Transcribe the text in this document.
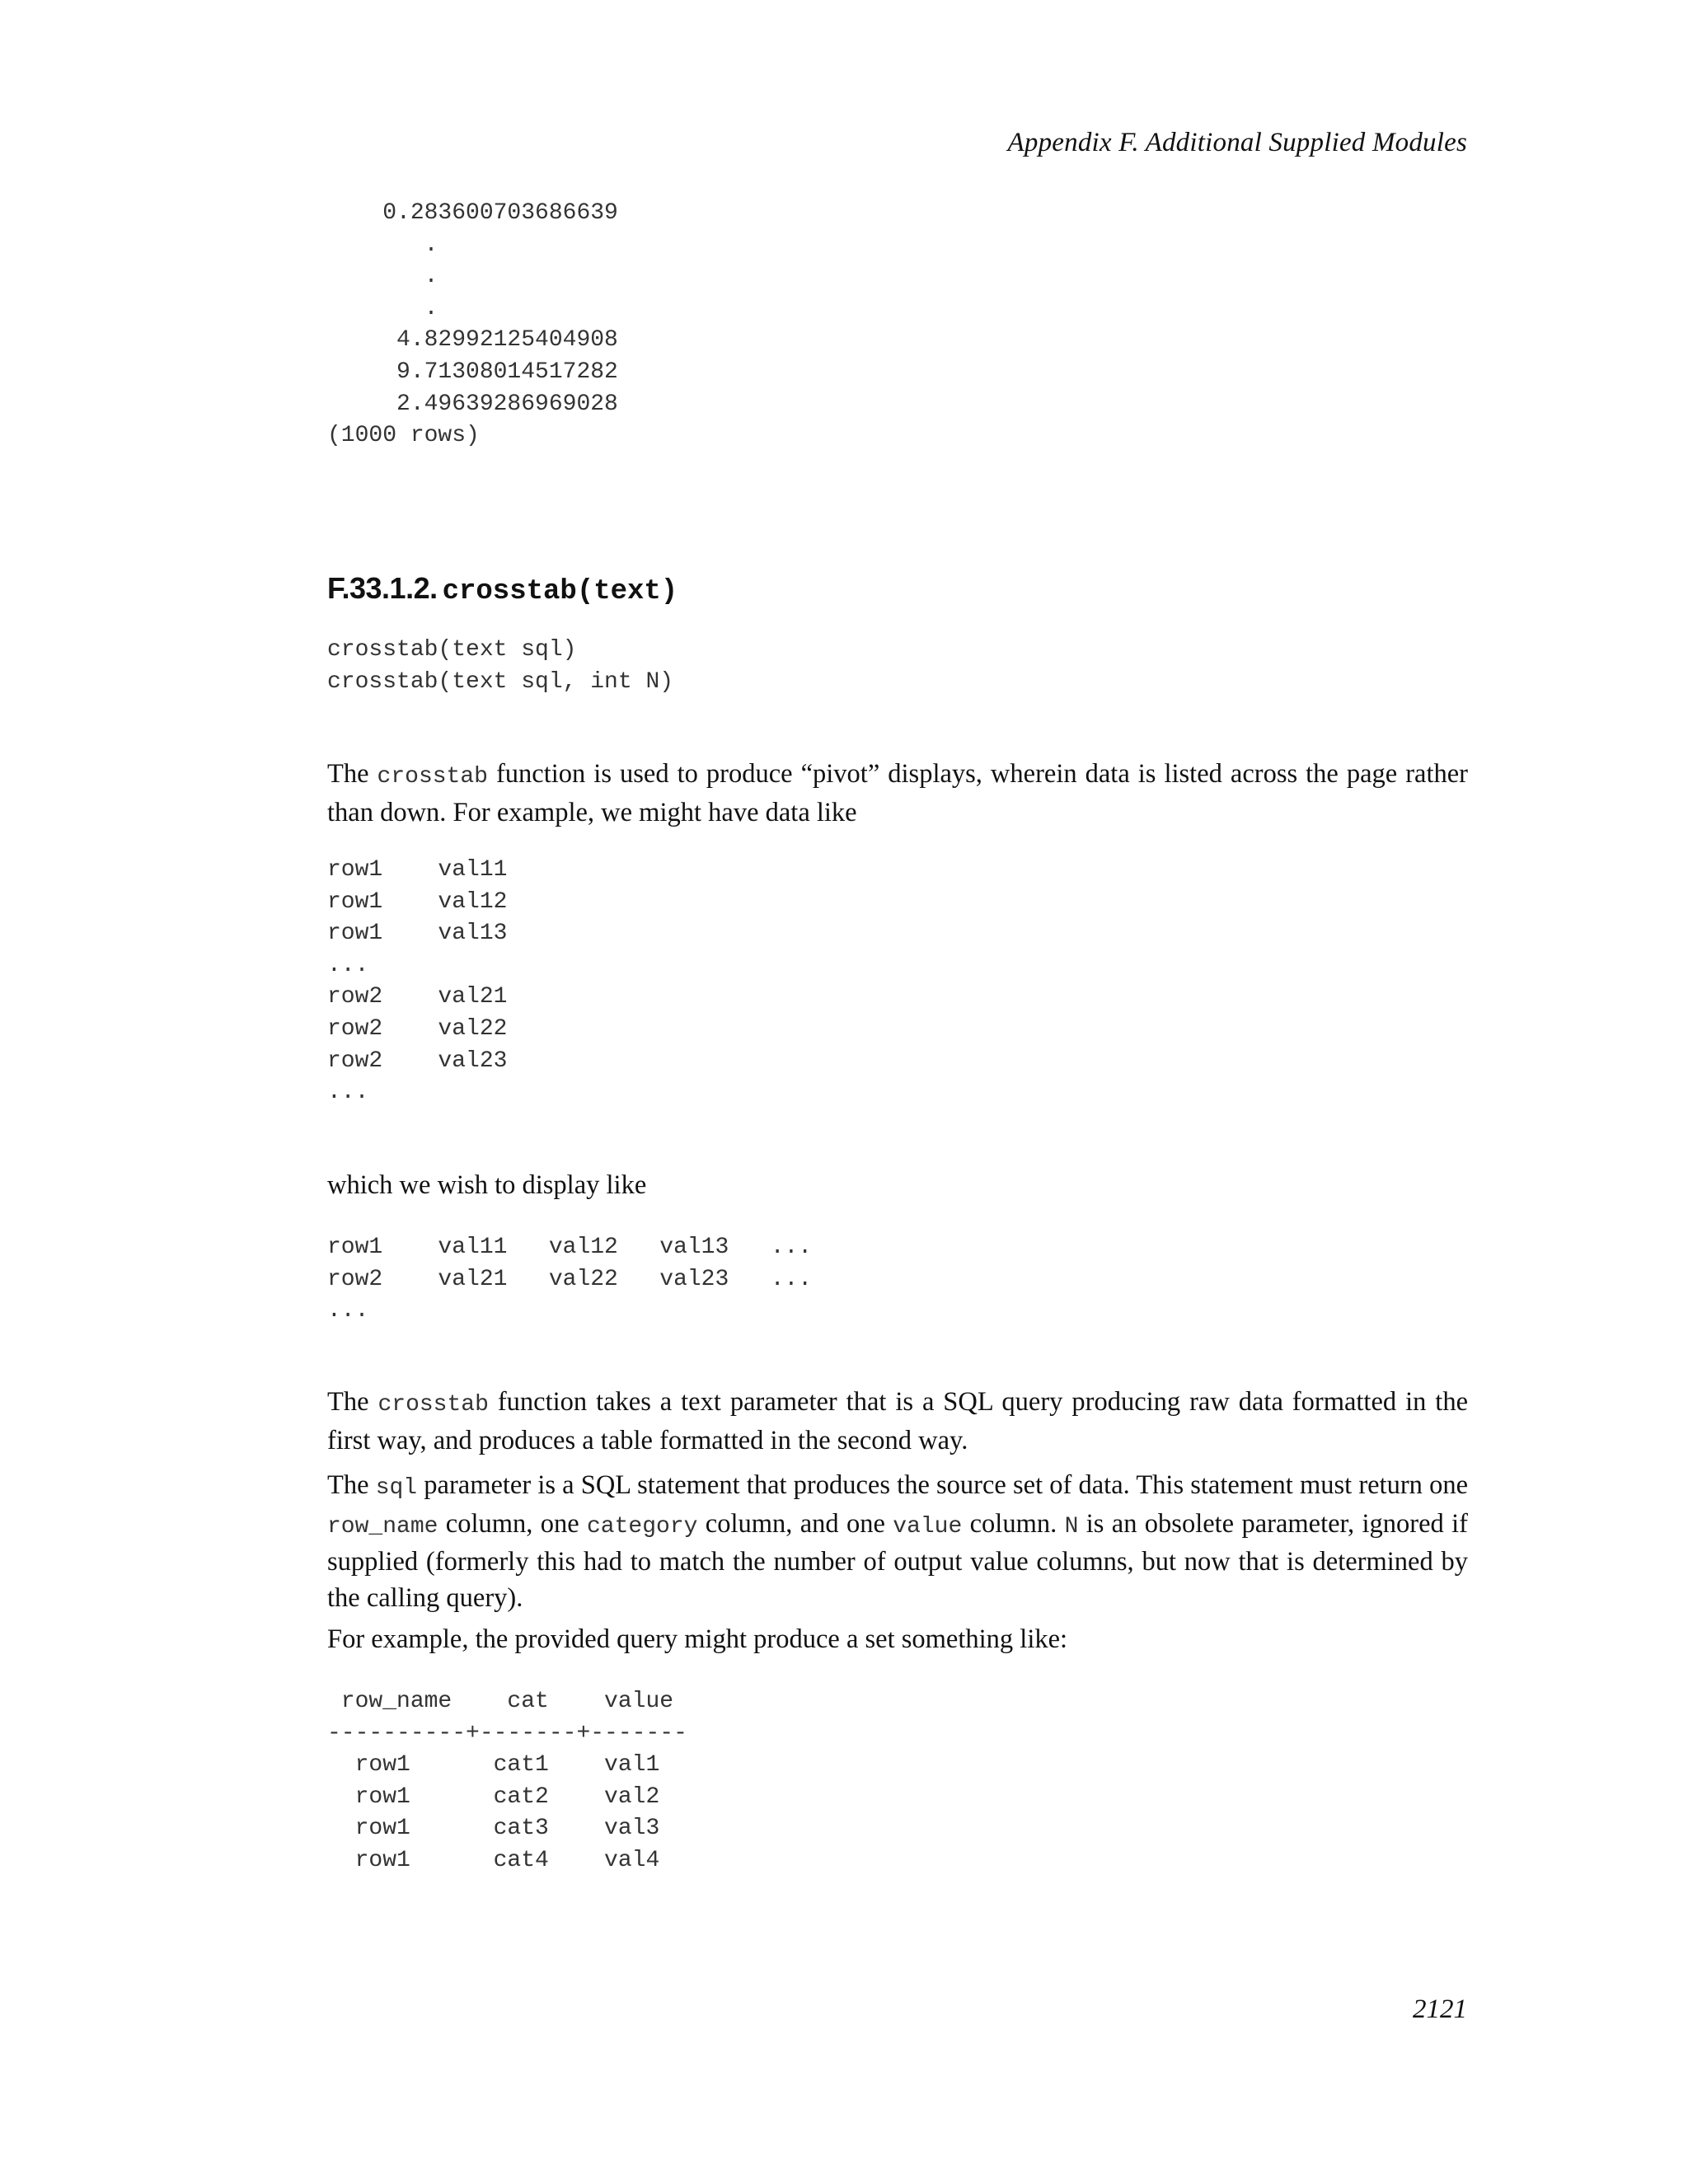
Appendix F. Additional Supplied Modules
0.283600703686639
.
.
.
4.82992125404908
9.71308014517282
2.49639286969028
(1000 rows)
F.33.1.2. crosstab(text)
crosstab(text sql)
crosstab(text sql, int N)

The crosstab function is used to produce “pivot” displays, wherein data is listed across the page rather than down. For example, we might have data like

row1    val11
row1    val12
row1    val13
...
row2    val21
row2    val22
row2    val23
...

which we wish to display like

row1    val11   val12   val13   ...
row2    val21   val22   val23   ...
...

The crosstab function takes a text parameter that is a SQL query producing raw data formatted in the first way, and produces a table formatted in the second way.

The sql parameter is a SQL statement that produces the source set of data. This statement must return one row_name column, one category column, and one value column. N is an obsolete parameter, ignored if supplied (formerly this had to match the number of output value columns, but now that is determined by the calling query).

For example, the provided query might produce a set something like:

row_name    cat    value
----------+-------+-------
row1      cat1    val1
row1      cat2    val2
row1      cat3    val3
row1      cat4    val4
2121
